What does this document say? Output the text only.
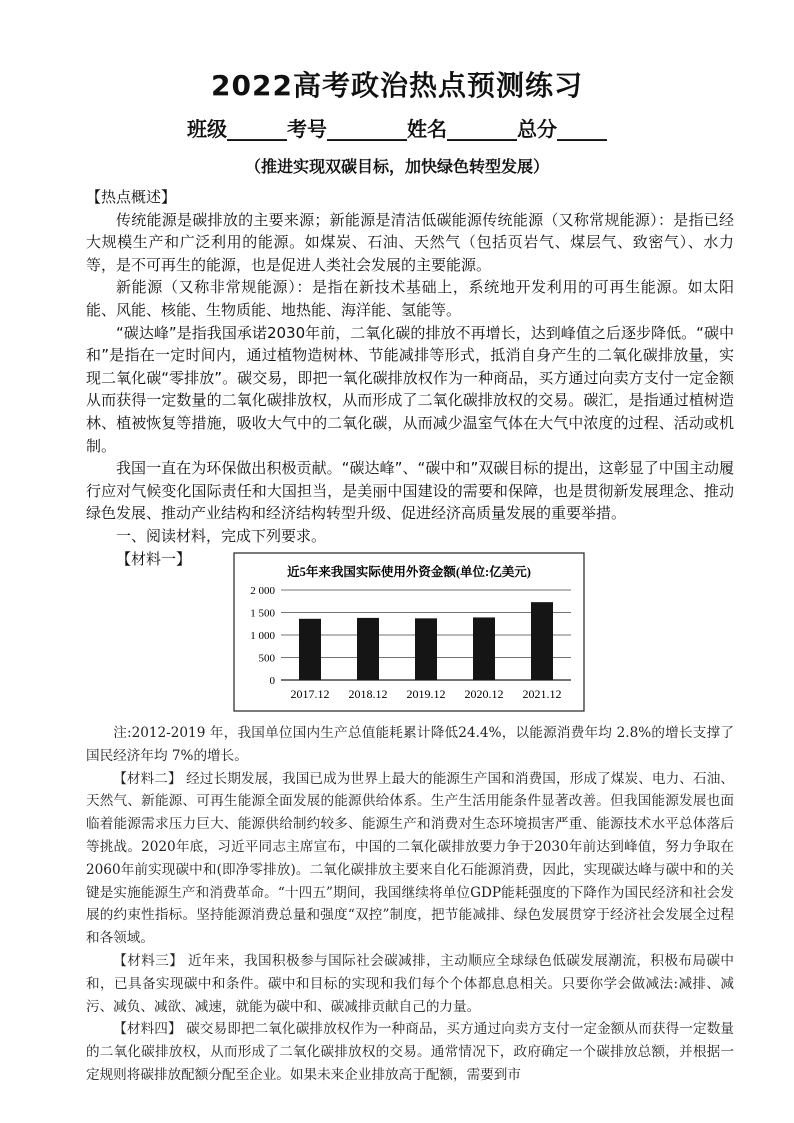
2022高考政治热点预测练习
班级______考号________姓名_______总分_____
（推进实现双碳目标，加快绿色转型发展）

【热点概述】

传统能源是碳排放的主要来源；新能源是清洁低碳能源传统能源（又称常规能源）：是指已经大规模生产和广泛利用的能源。如煤炭、石油、天然气（包括页岩气、煤层气、致密气）、水力等，是不可再生的能源，也是促进人类社会发展的主要能源。

新能源（又称非常规能源）：是指在新技术基础上，系统地开发利用的可再生能源。如太阳能、风能、核能、生物质能、地热能、海洋能、氢能等。

“碳达峰”是指我国承诺2030年前，二氧化碳的排放不再增长，达到峰值之后逐步降低。“碳中和”是指在一定时间内，通过植物造树林、节能减排等形式，抵消自身产生的二氧化碳排放量，实现二氧化碳“零排放”。碳交易，即把一氧化碳排放权作为一种商品，买方通过向卖方支付一定金额从而获得一定数量的二氧化碳排放权，从而形成了二氧化碳排放权的交易。碳汇，是指通过植树造林、植被恢复等措施，吸收大气中的二氧化碳，从而减少温室气体在大气中浓度的过程、活动或机制。

我国一直在为环保做出积极贡献。“碳达峰”、“碳中和”双碳目标的提出，这彰显了中国主动履行应对气候变化国际责任和大国担当，是美丽中国建设的需要和保障，也是贯彻新发展理念、推动绿色发展、推动产业结构和经济结构转型升级、促进经济高质量发展的重要举措。

一、阅读材料，完成下列要求。

【材料一】

近5年来我国实际使用外资金额(单位:亿美元)
0
500
1 000
1 500
2 000
2017.12 2018.12 2019.12 2020.12 2021.12

注:2012-2019 年，我国单位国内生产总值能耗累计降低24.4%，以能源消费年均 2.8%的增长支撑了国民经济年均 7%的增长。

【材料二】 经过长期发展，我国已成为世界上最大的能源生产国和消费国，形成了煤炭、电力、石油、天然气、新能源、可再生能源全面发展的能源供给体系。生产生活用能条件显著改善。但我国能源发展也面临着能源需求压力巨大、能源供给制约较多、能源生产和消费对生态环境损害严重、能源技术水平总体落后等挑战。2020年底，习近平同志主席宣布，中国的二氧化碳排放要力争于2030年前达到峰值，努力争取在2060年前实现碳中和(即净零排放)。二氧化碳排放主要来自化石能源消费，因此，实现碳达峰与碳中和的关键是实施能源生产和消费革命。“十四五”期间，我国继续将单位GDP能耗强度的下降作为国民经济和社会发展的约束性指标。坚持能源消费总量和强度“双控”制度，把节能减排、绿色发展贯穿于经济社会发展全过程和各领域。

【材料三】 近年来，我国积极参与国际社会碳减排，主动顺应全球绿色低碳发展潮流，积极布局碳中和，已具备实现碳中和条件。碳中和目标的实现和我们每个个体都息息相关。只要你学会做减法:减排、减污、减负、减欲、减速，就能为碳中和、碳减排贡献自己的力量。

【材料四】 碳交易即把二氧化碳排放权作为一种商品，买方通过向卖方支付一定金额从而获得一定数量的二氧化碳排放权，从而形成了二氧化碳排放权的交易。通常情况下，政府确定一个碳排放总额，并根据一定规则将碳排放配额分配至企业。如果未来企业排放高于配额，需要到市
